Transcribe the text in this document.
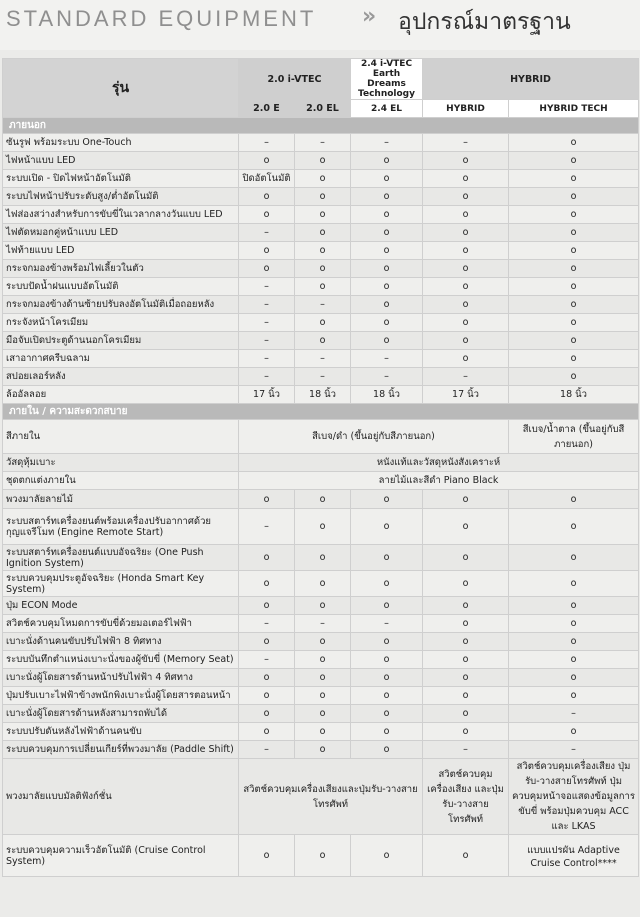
STANDARD EQUIPMENT » อุปกรณ์มาตรฐาน
รุ่น	2.0 i-VTEC		2.4 i-VTEC Earth Dreams Technology	HYBRID	
	2.0 E	2.0 EL	2.4 EL	HYBRID	HYBRID TECH
ภายนอก					
ซันรูฟ พร้อมระบบ One-Touch	–	–	–	–	o
ไฟหน้าแบบ LED	o	o	o	o	o
ระบบเปิด - ปิดไฟหน้าอัตโนมัติ	ปิดอัตโนมัติ	o	o	o	o
ระบบไฟหน้าปรับระดับสูง/ต่ำอัตโนมัติ	o	o	o	o	o
ไฟส่องสว่างสำหรับการขับขี่ในเวลากลางวันแบบ LED	o	o	o	o	o
ไฟตัดหมอกคู่หน้าแบบ LED	–	o	o	o	o
ไฟท้ายแบบ LED	o	o	o	o	o
กระจกมองข้างพร้อมไฟเลี้ยวในตัว	o	o	o	o	o
ระบบปัดน้ำฝนแบบอัตโนมัติ	–	o	o	o	o
กระจกมองข้างด้านซ้ายปรับลงอัตโนมัติเมื่อถอยหลัง	–	–	o	o	o
กระจังหน้าโครเมียม	–	o	o	o	o
มือจับเปิดประตูด้านนอกโครเมียม	–	o	o	o	o
เสาอากาศครีบฉลาม	–	–	–	o	o
สปอยเลอร์หลัง	–	–	–	–	o
ล้ออัลลอย	17 นิ้ว	18 นิ้ว	18 นิ้ว	17 นิ้ว	18 นิ้ว
ภายใน / ความสะดวกสบาย					
สีภายใน	สีเบจ/ดำ (ขึ้นอยู่กับสีภายนอก)				สีเบจ/น้ำตาล (ขึ้นอยู่กับสีภายนอก)
วัสดุหุ้มเบาะ	หนังแท้และวัสดุหนังสังเคราะห์				
ชุดตกแต่งภายใน	ลายไม้และสีดำ Piano Black				
พวงมาลัยลายไม้	o	o	o	o	o
ระบบสตาร์ทเครื่องยนต์พร้อมเครื่องปรับอากาศด้วยกุญแจรีโมท (Engine Remote Start)	–	o	o	o	o
ระบบสตาร์ทเครื่องยนต์แบบอัจฉริยะ (One Push Ignition System)	o	o	o	o	o
ระบบควบคุมประตูอัจฉริยะ (Honda Smart Key System)	o	o	o	o	o
ปุ่ม ECON Mode	o	o	o	o	o
สวิตช์ควบคุมโหมดการขับขี่ด้วยมอเตอร์ไฟฟ้า	–	–	–	o	o
เบาะนั่งด้านคนขับปรับไฟฟ้า 8 ทิศทาง	o	o	o	o	o
ระบบบันทึกตำแหน่งเบาะนั่งของผู้ขับขี่ (Memory Seat)	–	o	o	o	o
เบาะนั่งผู้โดยสารด้านหน้าปรับไฟฟ้า 4 ทิศทาง	o	o	o	o	o
ปุ่มปรับเบาะไฟฟ้าข้างพนักพิงเบาะนั่งผู้โดยสารตอนหน้า	o	o	o	o	o
เบาะนั่งผู้โดยสารด้านหลังสามารถพับได้	o	o	o	o	–
ระบบปรับดันหลังไฟฟ้าด้านคนขับ	o	o	o	o	o
ระบบควบคุมการเปลี่ยนเกียร์ที่พวงมาลัย (Paddle Shift)	–	o	o	–	–
พวงมาลัยแบบมัลติฟังก์ชั่น	สวิตช์ควบคุมเครื่องเสียงและปุ่มรับ-วางสายโทรศัพท์			สวิตช์ควบคุมเครื่องเสียง และปุ่มรับ-วางสายโทรศัพท์	สวิตช์ควบคุมเครื่องเสียง ปุ่มรับ-วางสายโทรศัพท์ ปุ่มควบคุมหน้าจอแสดงข้อมูลการขับขี่ พร้อมปุ่มควบคุม ACC และ LKAS
ระบบควบคุมความเร็วอัตโนมัติ (Cruise Control System)	o	o	o	o	แบบแปรผัน Adaptive Cruise Control****
